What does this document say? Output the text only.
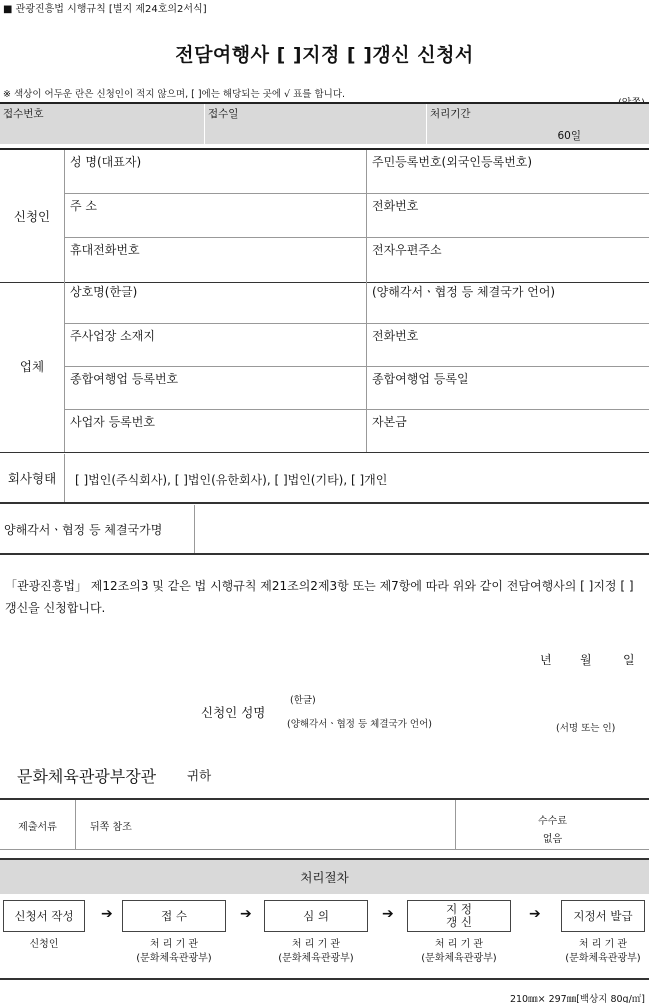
■ 관광진흥법 시행규칙 [별지 제24호의2서식]
전담여행사 [ ]지정 [ ]갱신 신청서
※ 색상이 어두운 란은 신청인이 적지 않으며, [ ]에는 해당되는 곳에 √ 표를 합니다.
접수번호	접수일	처리기간
60일
신청인
성 명(대표자)	주민등록번호(외국인등록번호)
주 소	전화번호
휴대전화번호	전자우편주소
업체
상호명(한글)	(양해각서ㆍ협정 등 체결국가 언어)
주사업장 소재지	전화번호
종합여행업 등록번호	종합여행업 등록일
사업자 등록번호	자본금
회사형태	[ ]법인(주식회사), [ ]법인(유한회사), [ ]법인(기타), [ ]개인
양해각서ㆍ협정 등 체결국가명
「관광진흥법」 제12조의3 및 같은 법 시행규칙 제21조의2제3항 또는 제7항에 따라 위와 같이 전담여행사의 [ ]지정 [ ]갱신을 신청합니다.
년 월	일
신청인 성명
(한글)
(양해각서ㆍ협정 등 체결국가 언어)	(서명 또는 인)
문화체육관광부장관 귀하
제출서류	뒤쪽 참조
수수료
없음
처리절차
신청서 작성 ➔	접 수	➔	심 의	➔	지 정
갱 신	➔	지정서 발급
신청인	처 리 기 관
(문화체육관광부)
처 리 기 관
(문화체육관광부)
처 리 기 관
(문화체육관광부)
처 리 기 관
(문화체육관광부)
210㎜× 297㎜[백상지 80g/㎡]
